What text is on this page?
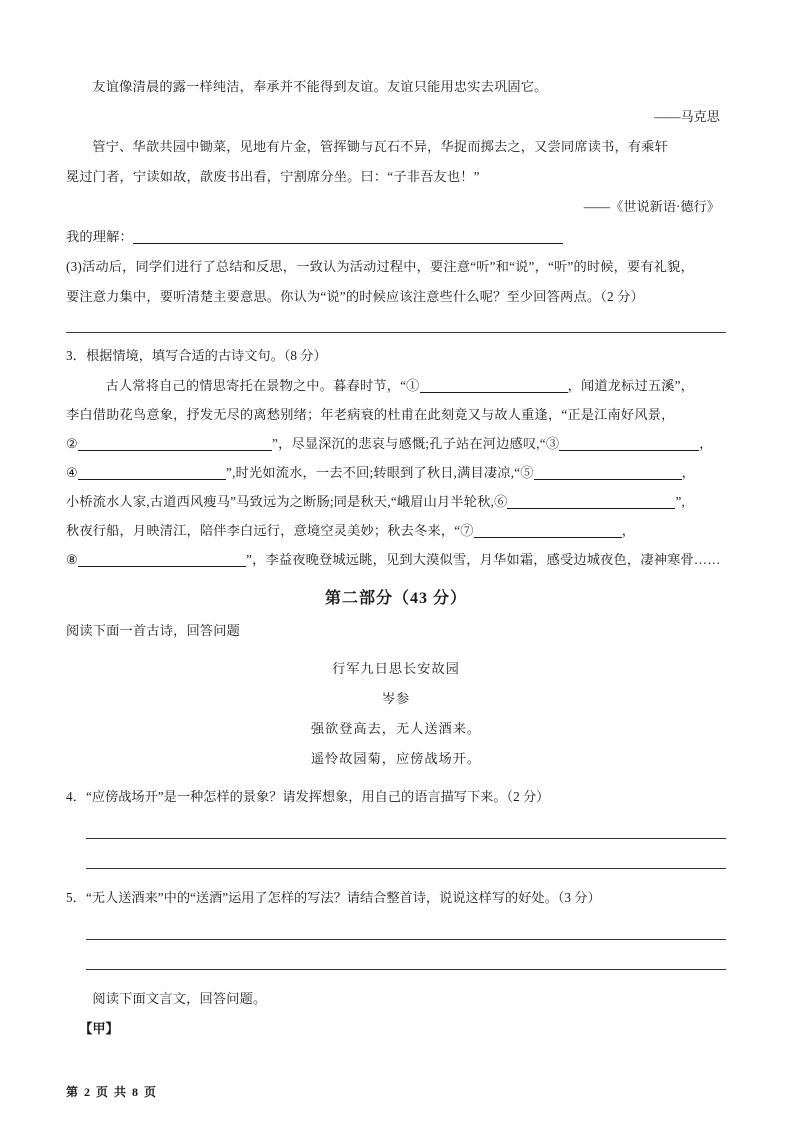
友谊像清晨的露一样纯洁，奉承并不能得到友谊。友谊只能用忠实去巩固它。
——马克思
管宁、华歆共园中锄菜，见地有片金，管挥锄与瓦石不异，华捉而掷去之，又尝同席读书，有乘轩
冕过门者，宁读如故，歆废书出看，宁割席分坐。曰：“子非吾友也！”
——《世说新语·德行》
我的理解：
(3)活动后，同学们进行了总结和反思，一致认为活动过程中，要注意“听”和“说”，“听”的时候，要有礼貌，
要注意力集中，要听清楚主要意思。你认为“说”的时候应该注意些什么呢？至少回答两点。（2 分）
3．根据情境，填写合适的古诗文句。（8 分）
古人常将自己的情思寄托在景物之中。暮春时节，“①	，闻道龙标过五溪”，
李白借助花鸟意象，抒发无尽的离愁别绪；年老病衰的杜甫在此刻竟又与故人重逢，“正是江南好风景，
②	”，尽显深沉的悲哀与感慨;孔子站在河边感叹,“③	，
④	”,时光如流水，一去不回;转眼到了秋日,满目凄凉,“⑤	，
小桥流水人家,古道西风瘦马”马致远为之断肠;同是秋天,“峨眉山月半轮秋,⑥	”,
秋夜行船，月映清江，陪伴李白远行，意境空灵美妙；秋去冬来，“⑦	，
⑧	”，李益夜晚登城远眺，见到大漠似雪，月华如霜，感受边城夜色，凄神寒骨……
第二部分（43 分）
阅读下面一首古诗，回答问题
行军九日思长安故园
岑参
强欲登高去，无人送酒来。
遥怜故园菊，应傍战场开。
4．“应傍战场开”是一种怎样的景象？请发挥想象，用自己的语言描写下来。（2 分）
5．“无人送酒来”中的“送酒”运用了怎样的写法？请结合整首诗，说说这样写的好处。（3 分）
阅读下面文言文，回答问题。
【甲】
第 2 页 共 8 页
